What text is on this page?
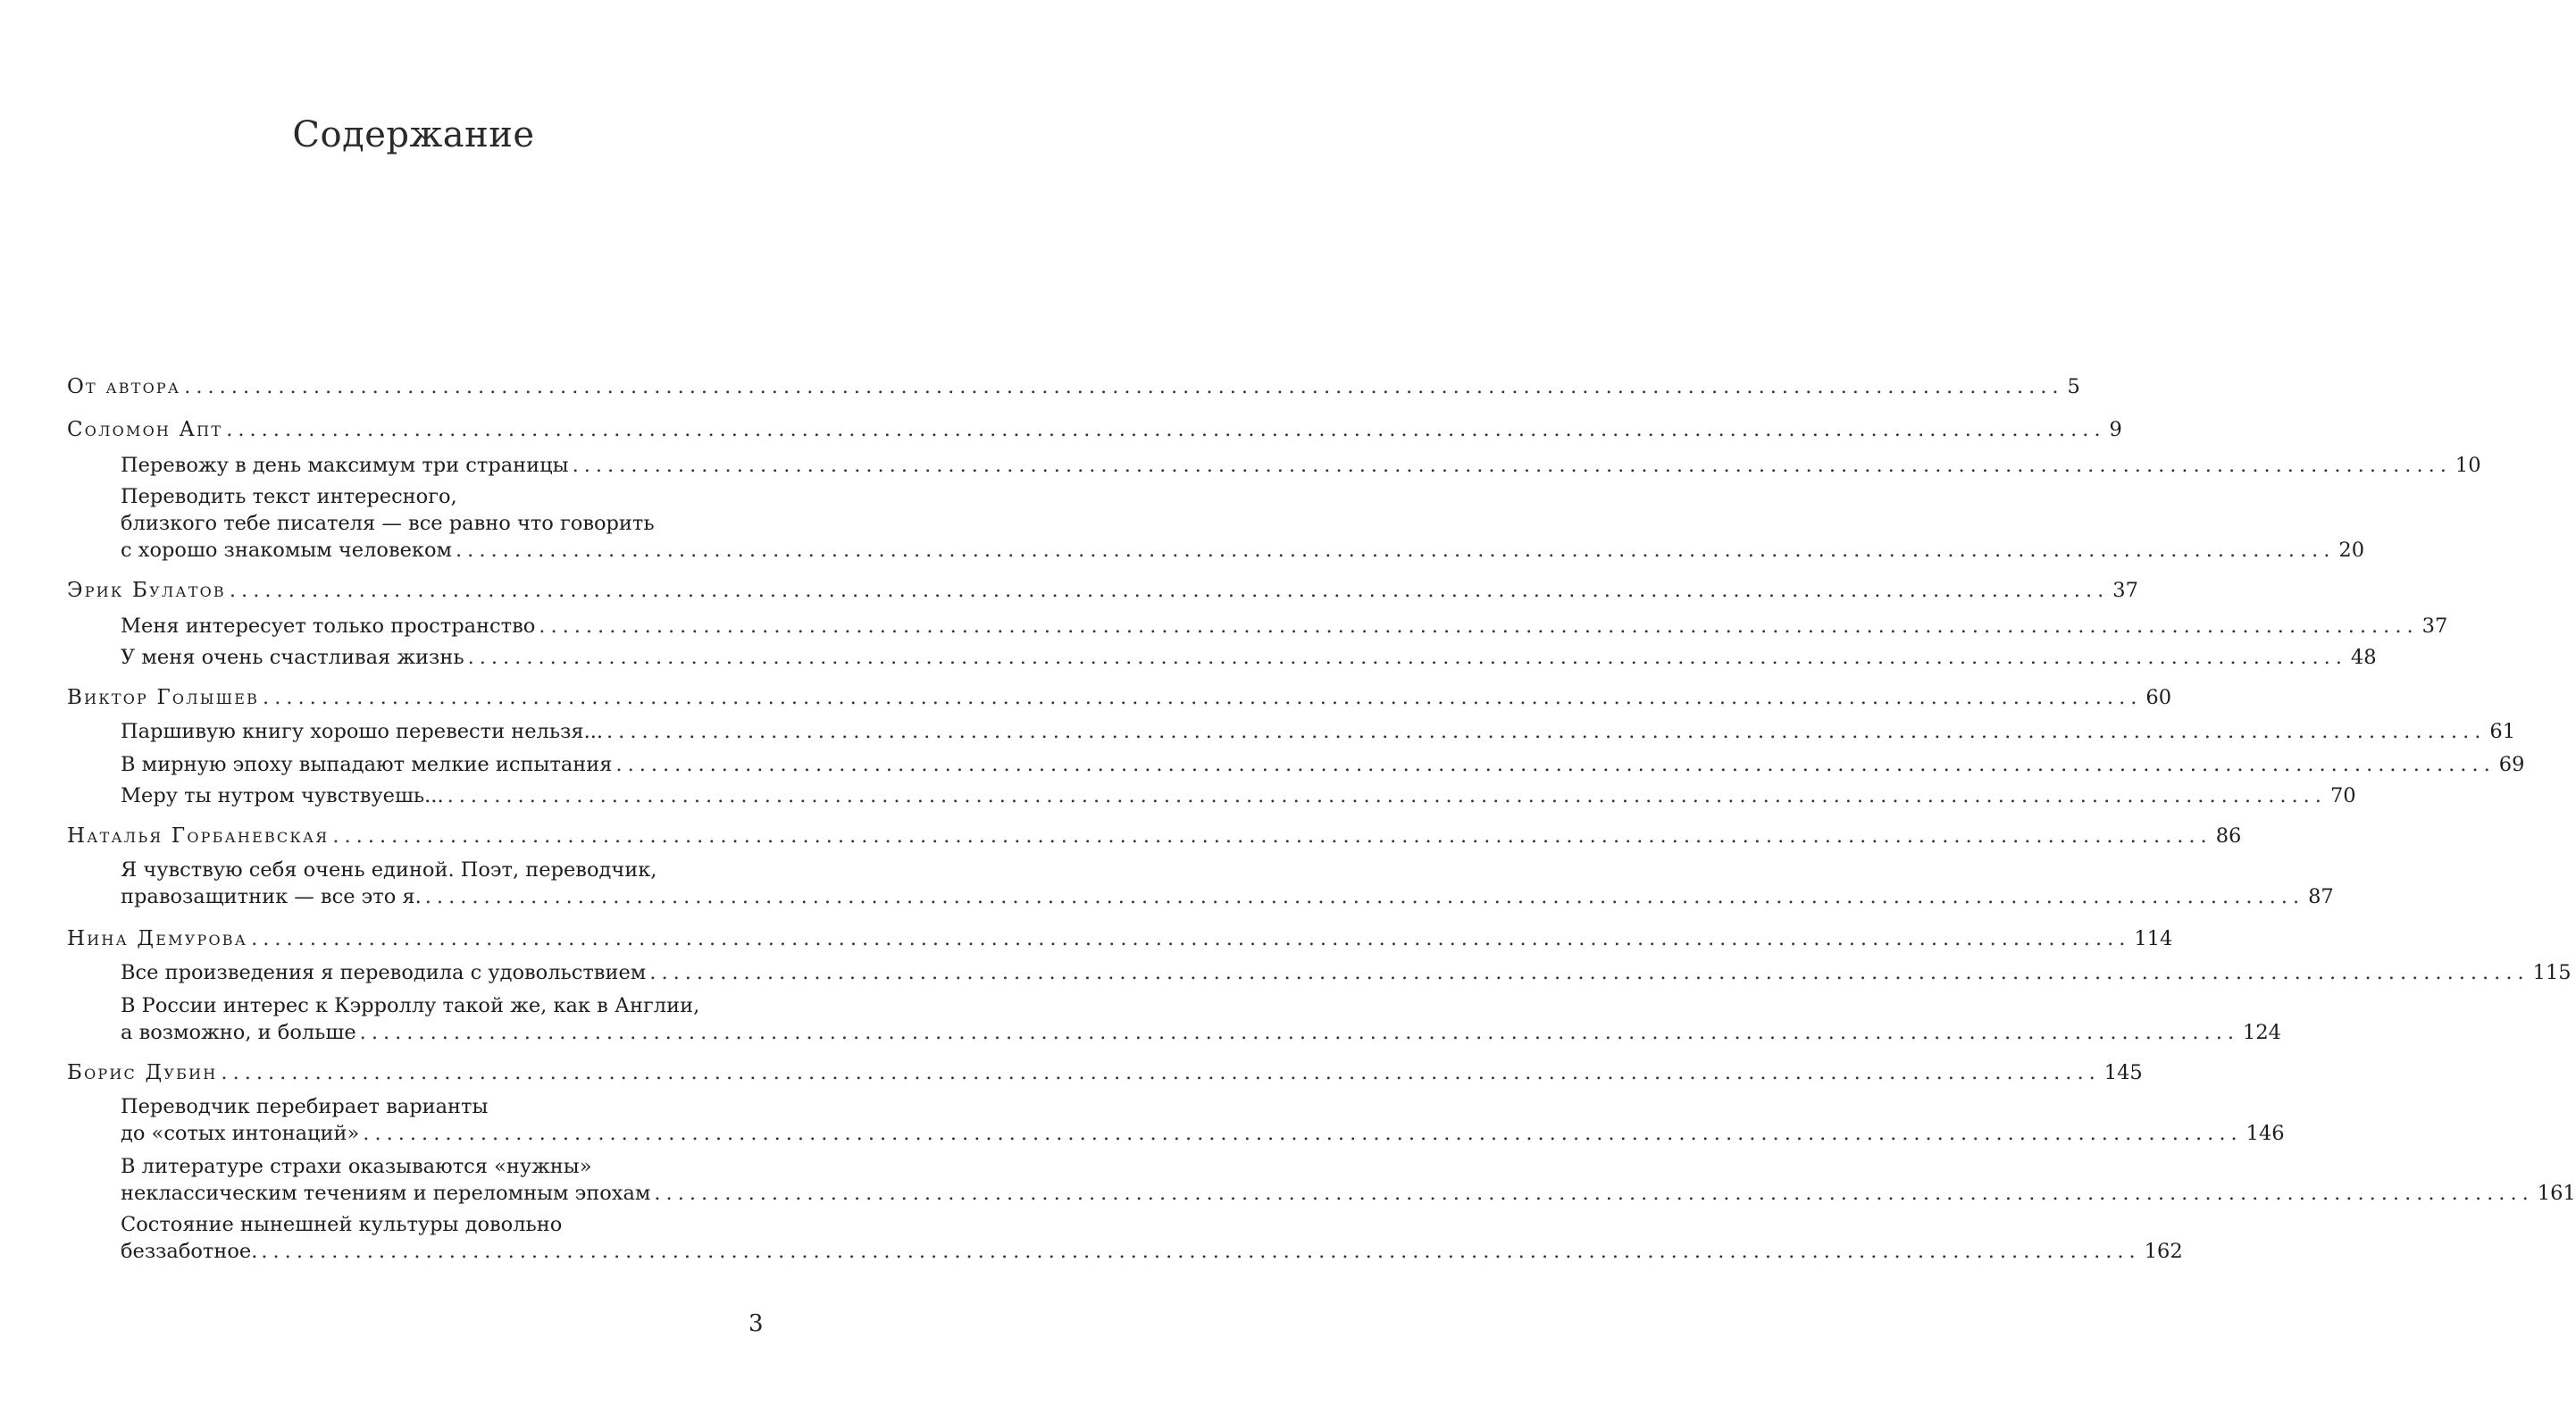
Содержание
От автора ................................................................................................................................................................ 5
Соломон Апт ................................................................................................................................................................ 9
Перевожу в день максимум три страницы ................................................................................................................................................................ 10
Переводить текст интересного,
близкого тебе писателя — все равно что говорить
с хорошо знакомым человеком ................................................................................................................................................................ 20
Эрик Булатов ................................................................................................................................................................ 37
Меня интересует только пространство ................................................................................................................................................................ 37
У меня очень счастливая жизнь ................................................................................................................................................................ 48
Виктор Голышев ................................................................................................................................................................ 60
Паршивую книгу хорошо перевести нельзя... ................................................................................................................................................................ 61
В мирную эпоху выпадают мелкие испытания ................................................................................................................................................................ 69
Меру ты нутром чувствуешь... ................................................................................................................................................................ 70
Наталья Горбаневская ................................................................................................................................................................ 86
Я чувствую себя очень единой. Поэт, переводчик,
правозащитник — все это я. ................................................................................................................................................................ 87
Нина Демурова ................................................................................................................................................................ 114
Все произведения я переводила с удовольствием ................................................................................................................................................................ 115
В России интерес к Кэрроллу такой же, как в Англии,
а возможно, и больше ................................................................................................................................................................ 124
Борис Дубин ................................................................................................................................................................ 145
Переводчик перебирает варианты
до «сотых интонаций» ................................................................................................................................................................ 146
В литературе страхи оказываются «нужны»
неклассическим течениям и переломным эпохам ................................................................................................................................................................ 161
Состояние нынешней культуры довольно
беззаботное. ................................................................................................................................................................ 162
3
